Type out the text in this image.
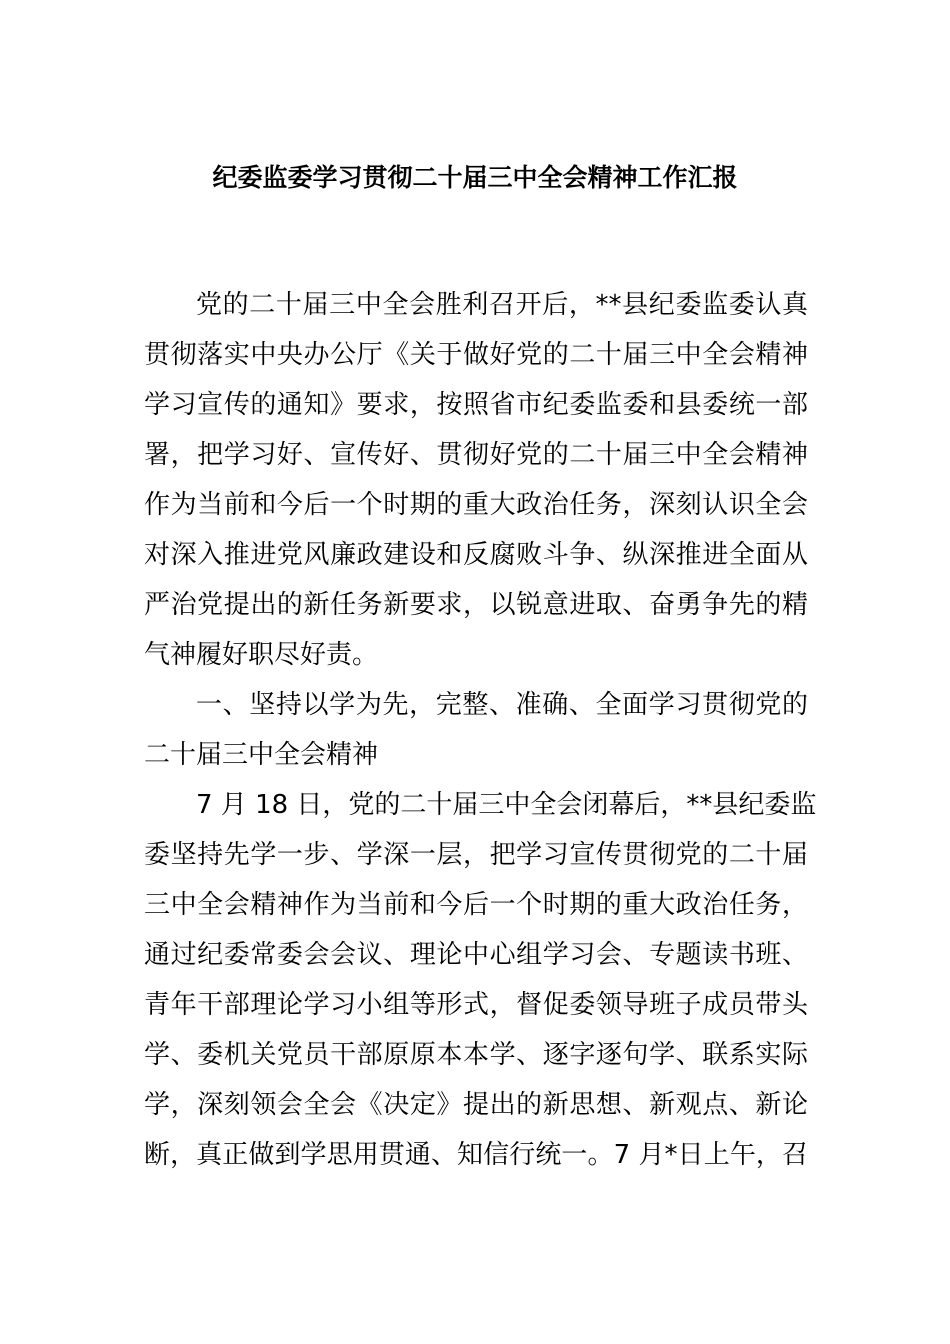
纪委监委学习贯彻二十届三中全会精神工作汇报
党的二十届三中全会胜利召开后，**县纪委监委认真
贯彻落实中央办公厅《关于做好党的二十届三中全会精神
学习宣传的通知》要求，按照省市纪委监委和县委统一部
署，把学习好、宣传好、贯彻好党的二十届三中全会精神
作为当前和今后一个时期的重大政治任务，深刻认识全会
对深入推进党风廉政建设和反腐败斗争、纵深推进全面从
严治党提出的新任务新要求，以锐意进取、奋勇争先的精
气神履好职尽好责。
一、坚持以学为先，完整、准确、全面学习贯彻党的
二十届三中全会精神
7 月 18 日，党的二十届三中全会闭幕后，**县纪委监
委坚持先学一步、学深一层，把学习宣传贯彻党的二十届
三中全会精神作为当前和今后一个时期的重大政治任务，
通过纪委常委会会议、理论中心组学习会、专题读书班、
青年干部理论学习小组等形式，督促委领导班子成员带头
学、委机关党员干部原原本本学、逐字逐句学、联系实际
学，深刻领会全会《决定》提出的新思想、新观点、新论
断，真正做到学思用贯通、知信行统一。7 月*日上午，召
